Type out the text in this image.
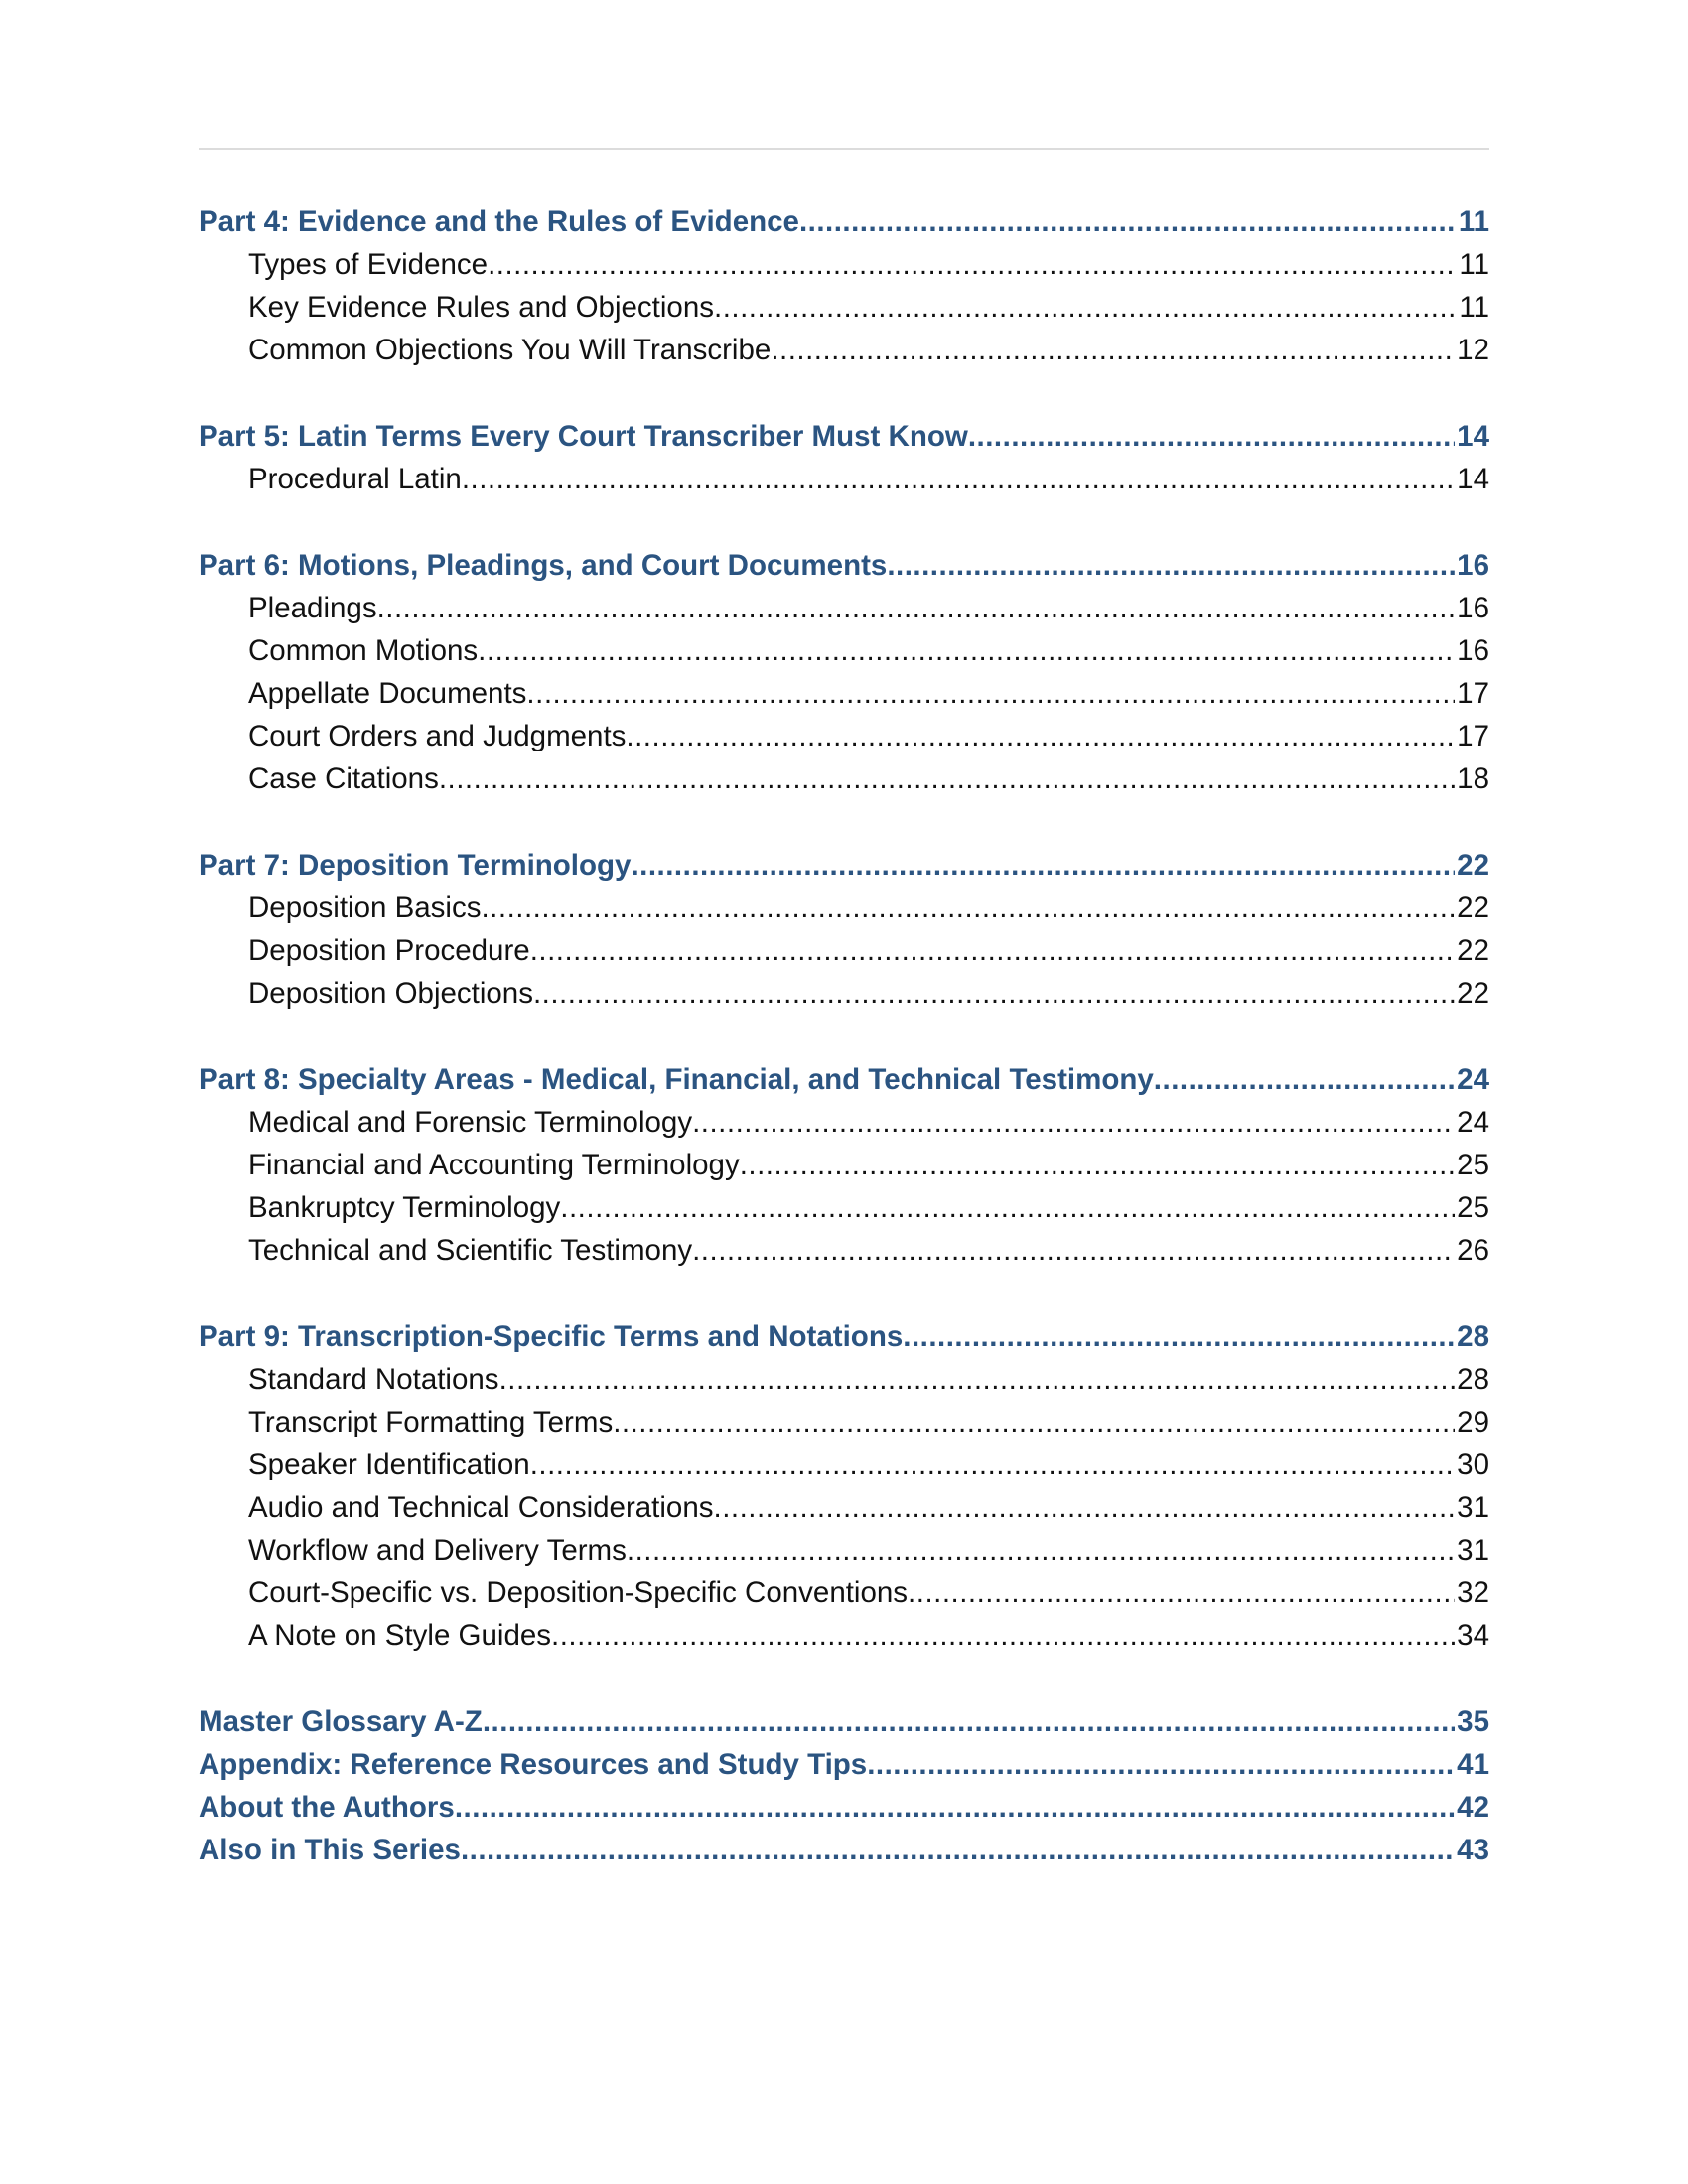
Part 4: Evidence and the Rules of Evidence .....	11
Types of Evidence .....	11
Key Evidence Rules and Objections .....	11
Common Objections You Will Transcribe .....	12
Part 5: Latin Terms Every Court Transcriber Must Know .....	14
Procedural Latin .....	14
Part 6: Motions, Pleadings, and Court Documents .....	16
Pleadings .....	16
Common Motions .....	16
Appellate Documents .....	17
Court Orders and Judgments .....	17
Case Citations .....	18
Part 7: Deposition Terminology .....	22
Deposition Basics .....	22
Deposition Procedure .....	22
Deposition Objections .....	22
Part 8: Specialty Areas - Medical, Financial, and Technical Testimony .....	24
Medical and Forensic Terminology .....	24
Financial and Accounting Terminology .....	25
Bankruptcy Terminology .....	25
Technical and Scientific Testimony .....	26
Part 9: Transcription-Specific Terms and Notations .....	28
Standard Notations .....	28
Transcript Formatting Terms .....	29
Speaker Identification .....	30
Audio and Technical Considerations .....	31
Workflow and Delivery Terms .....	31
Court-Specific vs. Deposition-Specific Conventions .....	32
A Note on Style Guides .....	34
Master Glossary A-Z .....	35
Appendix: Reference Resources and Study Tips .....	41
About the Authors .....	42
Also in This Series .....	43
